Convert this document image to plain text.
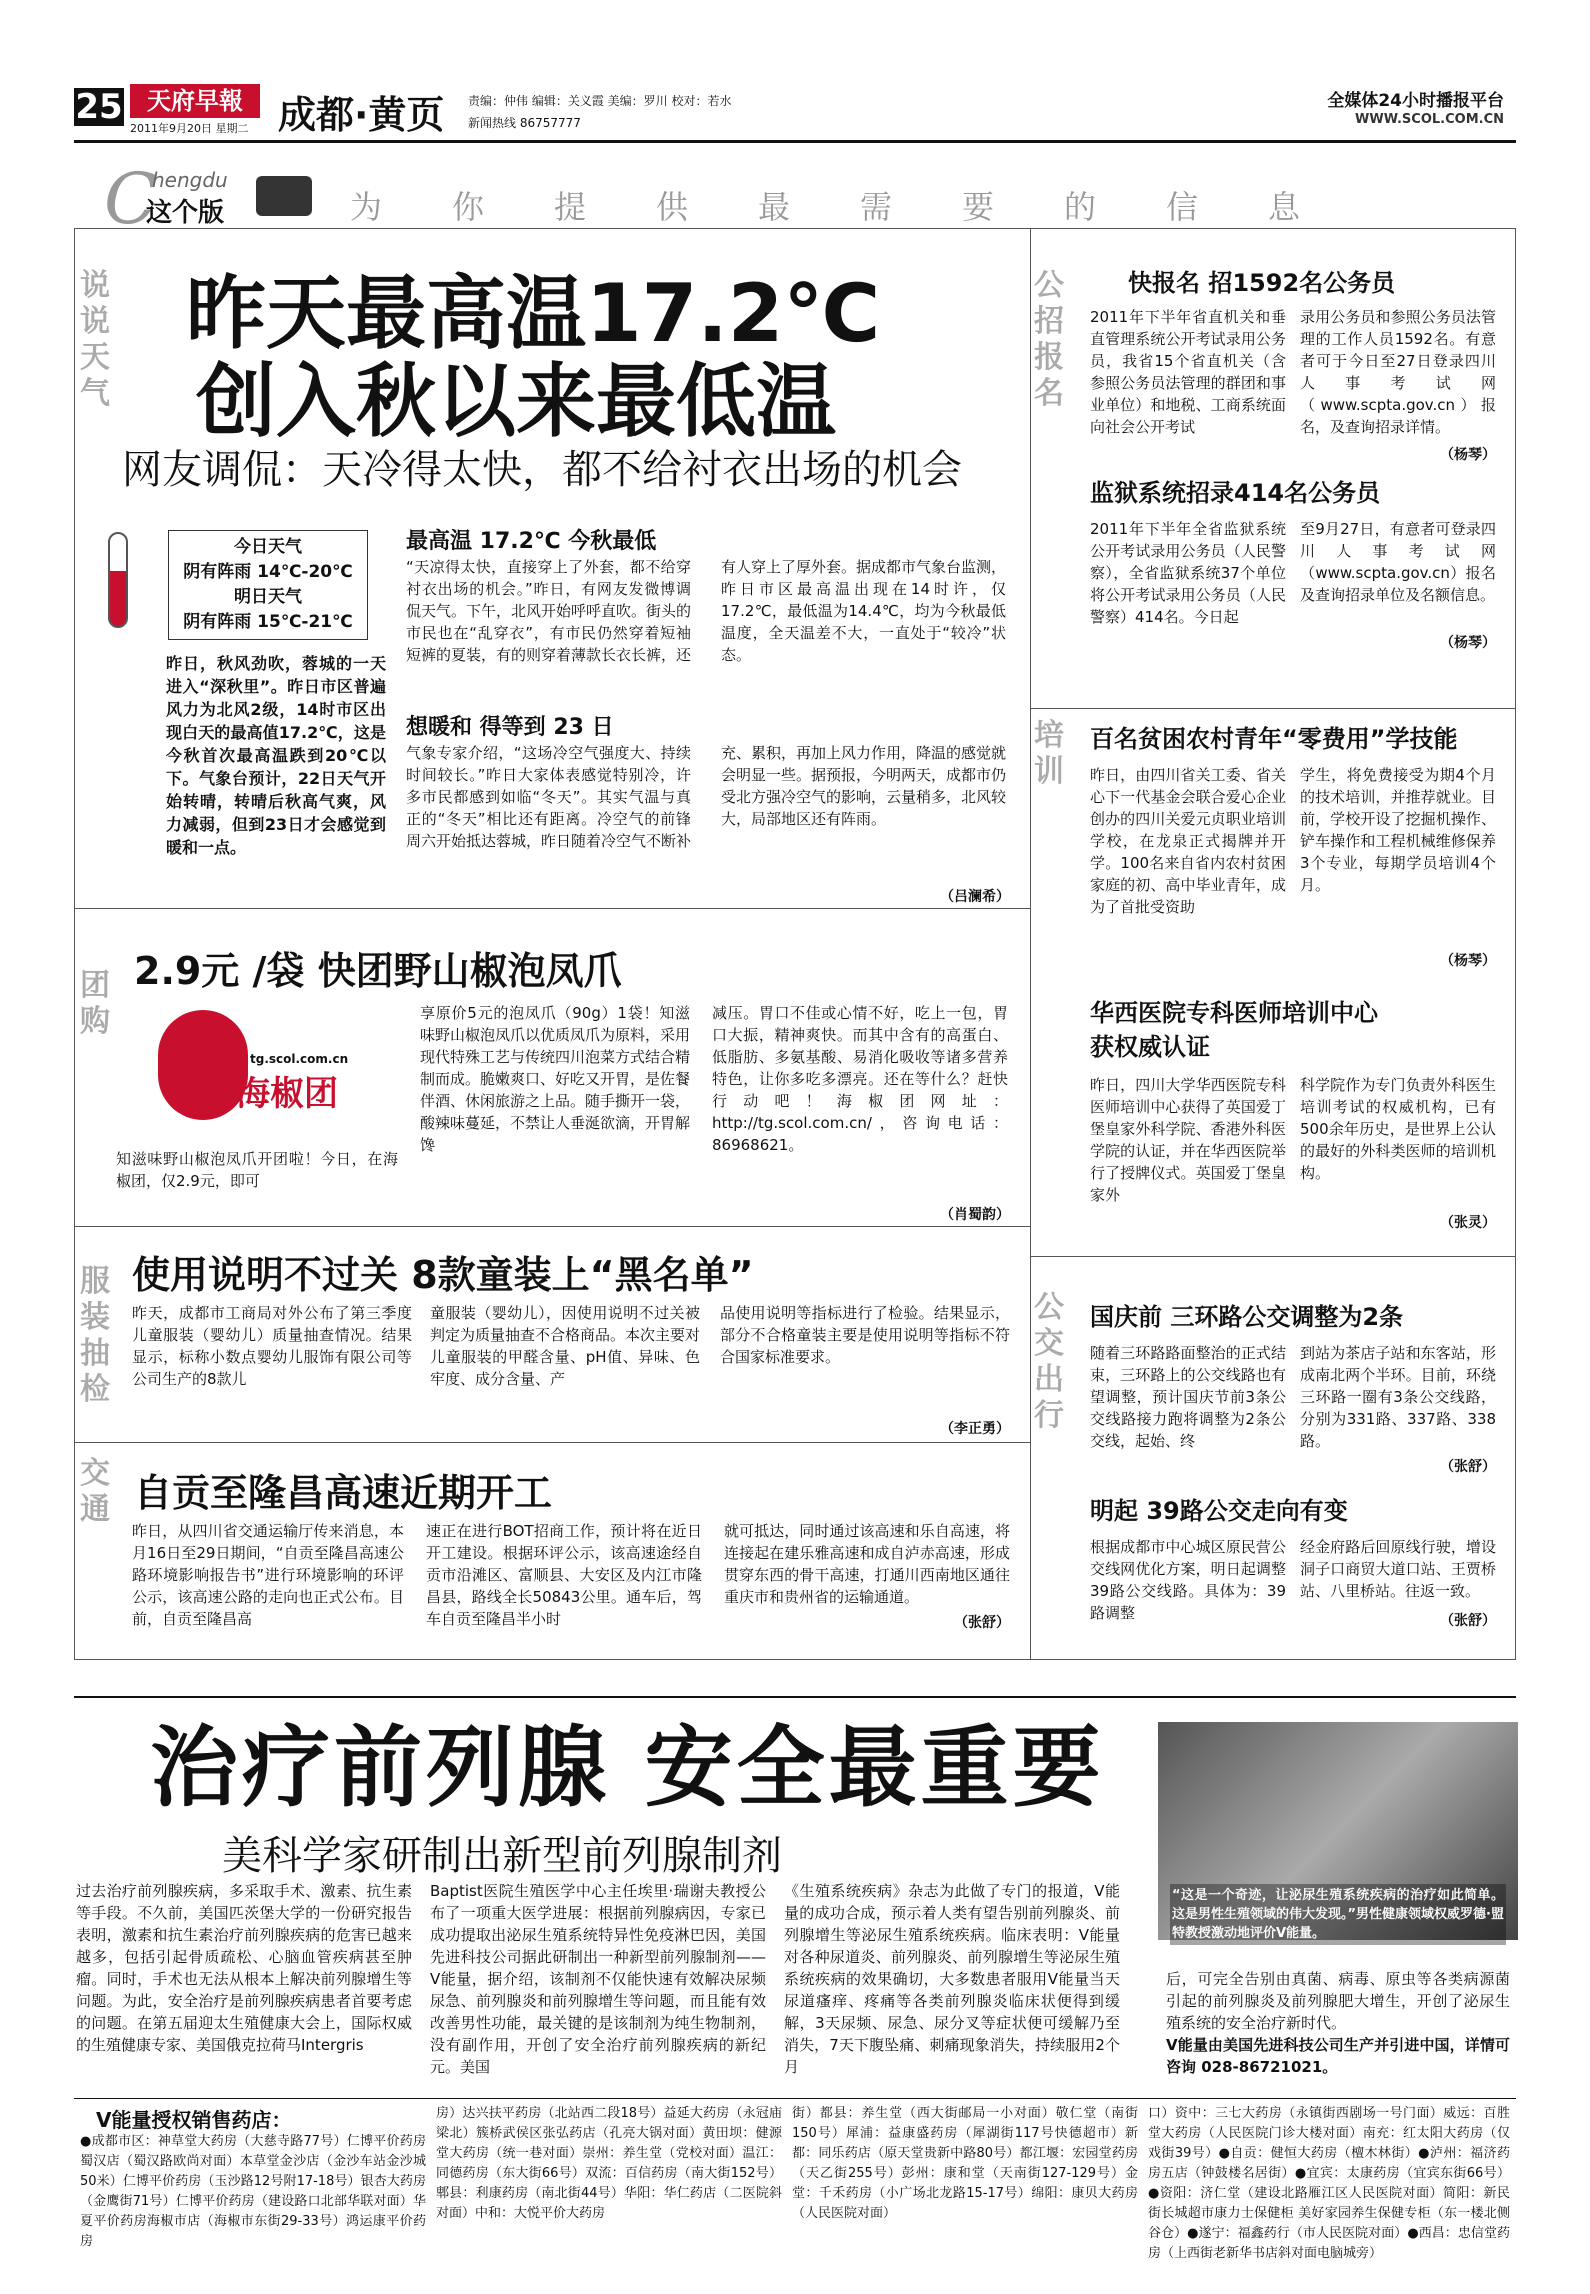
25	天府早報
2011年9月20日 星期二 成都·黄页 责编：仲伟 编辑：关义霞 美编：罗川 校对：若水
新闻热线 86757777
全媒体24小时播报平台
WWW.SCOL.COM.CN
C
hengdu
这个版	为你提供最需要的信息
说说天气
团购
服装抽检
交通
公招报名
培训
公交出行
昨天最高温17.2℃
创入秋以来最低温
网友调侃：天冷得太快，都不给衬衣出场的机会
今日天气
阴有阵雨 14℃-20℃
明日天气
阴有阵雨 15℃-21℃
昨日，秋风劲吹，蓉城的一天进入“深秋里”。昨日市区普遍风力为北风2级，14时市区出现白天的最高值17.2℃，这是今秋首次最高温跌到20℃以下。气象台预计，22日天气开始转晴，转晴后秋高气爽，风力减弱，但到23日才会感觉到暖和一点。
最高温 17.2℃ 今秋最低
“天凉得太快，直接穿上了外套，都不给穿衬衣出场的机会。”昨日，有网友发微博调侃天气。下午，北风开始呼呼直吹。街头的市民也在“乱穿衣”，有市民仍然穿着短袖短裤的夏装，有的则穿着薄款长衣长裤，还有人穿上了厚外套。据成都市气象台监测，昨日市区最高温出现在14时许，仅17.2℃，最低温为14.4℃，均为今秋最低温度，全天温差不大，一直处于“较冷”状态。
想暖和 得等到 23 日
气象专家介绍，“这场冷空气强度大、持续时间较长。”昨日大家体表感觉特别冷，许多市民都感到如临“冬天”。其实气温与真正的“冬天”相比还有距离。冷空气的前锋周六开始抵达蓉城，昨日随着冷空气不断补充、累积，再加上风力作用，降温的感觉就会明显一些。据预报，今明两天，成都市仍受北方强冷空气的影响，云量稍多，北风较大，局部地区还有阵雨。
（吕澜希）
2.9元 /袋 快团野山椒泡凤爪
tg.scol.com.cn
海椒团
知滋味野山椒泡凤爪开团啦！今日，在海椒团，仅2.9元，即可
享原价5元的泡凤爪（90g）1袋！知滋味野山椒泡凤爪以优质凤爪为原料，采用现代特殊工艺与传统四川泡菜方式结合精制而成。脆嫩爽口、好吃又开胃，是佐餐伴酒、休闲旅游之上品。随手撕开一袋，酸辣味蔓延，不禁让人垂涎欲滴，开胃解馋
减压。胃口不佳或心情不好，吃上一包，胃口大振，精神爽快。而其中含有的高蛋白、低脂肪、多氨基酸、易消化吸收等诸多营养特色，让你多吃多漂亮。还在等什么？赶快行动吧！海椒团网址：http://tg.scol.com.cn/，咨询电话：86968621。
（肖蜀韵）
使用说明不过关 8款童装上“黑名单”
昨天，成都市工商局对外公布了第三季度儿童服装（婴幼儿）质量抽查情况。结果显示，标称小数点婴幼儿服饰有限公司等公司生产的8款儿
童服装（婴幼儿），因使用说明不过关被判定为质量抽查不合格商品。本次主要对儿童服装的甲醛含量、pH值、异味、色牢度、成分含量、产
品使用说明等指标进行了检验。结果显示，部分不合格童装主要是使用说明等指标不符合国家标准要求。
（李正勇）
自贡至隆昌高速近期开工
昨日，从四川省交通运输厅传来消息，本月16日至29日期间，“自贡至隆昌高速公路环境影响报告书”进行环境影响的环评公示，该高速公路的走向也正式公布。目前，自贡至隆昌高
速正在进行BOT招商工作，预计将在近日开工建设。根据环评公示，该高速途经自贡市沿滩区、富顺县、大安区及内江市隆昌县，路线全长50843公里。通车后，驾车自贡至隆昌半小时
就可抵达，同时通过该高速和乐自高速，将连接起在建乐雅高速和成自泸赤高速，形成贯穿东西的骨干高速，打通川西南地区通往重庆市和贵州省的运输通道。
（张舒）
快报名 招1592名公务员
2011年下半年省直机关和垂直管理系统公开考试录用公务员，我省15个省直机关（含参照公务员法管理的群团和事业单位）和地税、工商系统面向社会公开考试
录用公务员和参照公务员法管理的工作人员1592名。有意者可于今日至27日登录四川人事考试网（www.scpta.gov.cn）报名，及查询招录详情。
（杨琴）
监狱系统招录414名公务员
2011年下半年全省监狱系统公开考试录用公务员（人民警察），全省监狱系统37个单位将公开考试录用公务员（人民警察）414名。今日起
至9月27日，有意者可登录四川人事考试网（www.scpta.gov.cn）报名及查询招录单位及名额信息。
（杨琴）
百名贫困农村青年“零费用”学技能
昨日，由四川省关工委、省关心下一代基金会联合爱心企业创办的四川关爱元贞职业培训学校，在龙泉正式揭牌并开学。100名来自省内农村贫困家庭的初、高中毕业青年，成为了首批受资助
学生，将免费接受为期4个月的技术培训，并推荐就业。目前，学校开设了挖掘机操作、铲车操作和工程机械维修保养3个专业，每期学员培训4个月。
（杨琴）
华西医院专科医师培训中心
获权威认证
昨日，四川大学华西医院专科医师培训中心获得了英国爱丁堡皇家外科学院、香港外科医学院的认证，并在华西医院举行了授牌仪式。英国爱丁堡皇家外
科学院作为专门负责外科医生培训考试的权威机构，已有500余年历史，是世界上公认的最好的外科类医师的培训机构。
（张灵）
国庆前 三环路公交调整为2条
随着三环路路面整治的正式结束，三环路上的公交线路也有望调整，预计国庆节前3条公交线路接力跑将调整为2条公交线，起始、终
到站为茶店子站和东客站，形成南北两个半环。目前，环绕三环路一圈有3条公交线路，分别为331路、337路、338路。
（张舒）
明起 39路公交走向有变
根据成都市中心城区原民营公交线网优化方案，明日起调整39路公交线路。具体为：39路调整
经金府路后回原线行驶，增设洞子口商贸大道口站、王贾桥站、八里桥站。往返一致。
（张舒）
治疗前列腺 安全最重要
美科学家研制出新型前列腺制剂
“这是一个奇迹，让泌尿生殖系统疾病的治疗如此简单。这是男性生殖领域的伟大发现。”男性健康领域权威罗德·盟特教授激动地评价V能量。
过去治疗前列腺疾病，多采取手术、激素、抗生素等手段。不久前，美国匹茨堡大学的一份研究报告表明，激素和抗生素治疗前列腺疾病的危害已越来越多，包括引起骨质疏松、心脑血管疾病甚至肿瘤。同时，手术也无法从根本上解决前列腺增生等问题。为此，安全治疗是前列腺疾病患者首要考虑的问题。在第五届迎太生殖健康大会上，国际权威的生殖健康专家、美国俄克拉荷马Intergris
Baptist医院生殖医学中心主任埃里·瑞谢夫教授公布了一项重大医学进展：根据前列腺病因，专家已成功提取出泌尿生殖系统特异性免疫淋巴因，美国先进科技公司据此研制出一种新型前列腺制剂——V能量，据介绍，该制剂不仅能快速有效解决尿频尿急、前列腺炎和前列腺增生等问题，而且能有效改善男性功能，最关键的是该制剂为纯生物制剂，没有副作用，开创了安全治疗前列腺疾病的新纪元。美国
《生殖系统疾病》杂志为此做了专门的报道，V能量的成功合成，预示着人类有望告别前列腺炎、前列腺增生等泌尿生殖系统疾病。临床表明：V能量对各种尿道炎、前列腺炎、前列腺增生等泌尿生殖系统疾病的效果确切，大多数患者服用V能量当天尿道瘙痒、疼痛等各类前列腺炎临床状便得到缓解，3天尿频、尿急、尿分叉等症状便可缓解乃至消失，7天下腹坠痛、刺痛现象消失，持续服用2个月
后，可完全告别由真菌、病毒、原虫等各类病源菌引起的前列腺炎及前列腺肥大增生，开创了泌尿生殖系统的安全治疗新时代。
V能量由美国先进科技公司生产并引进中国，详情可咨询 028-86721021。
V能量授权销售药店：
●成都市区：神草堂大药房（大慈寺路77号）仁博平价药房蜀汉店（蜀汉路欧尚对面）本草堂金沙店（金沙车站金沙城50米）仁博平价药房（玉沙路12号附17-18号）银杏大药房（金鹰街71号）仁博平价药房（建设路口北部华联对面）华夏平价药房海椒市店（海椒市东街29-33号）鸿运康平价药房
房）达兴扶平药房（北站西二段18号）益延大药房（永冠庙梁北）簇桥武侯区张弘药店（孔亮大锅对面）黄田坝：健源堂大药房（统一巷对面）崇州：养生堂（党校对面）温江：同德药房（东大街66号）双流：百信药房（南大街152号）郫县：利康药房（南北街44号）华阳：华仁药店（二医院斜对面）中和：大悦平价大药房
街）都县：养生堂（西大街邮局一小对面）敬仁堂（南街150号）犀浦：益康盛药房（犀湖街117号快德超市）新都：同乐药店（原天堂贵新中路80号）都江堰：宏园堂药房（天乙街255号）彭州：康和堂（天南街127-129号）金堂：千禾药房（小广场北龙路15-17号）绵阳：康贝大药房（人民医院对面）
口）资中：三七大药房（永镇街西剧场一号门面）威远：百胜堂大药房（人民医院门诊大楼对面）南充：红太阳大药房（仅戏街39号）●自贡：健恒大药房（檀木林街）●泸州：福济药房五店（钟鼓楼名居街）●宜宾：太康药房（宜宾东街66号）●资阳：济仁堂（建设北路雁江区人民医院对面）简阳：新民街长城超市康力士保健柜 美好家园养生保健专柜（东一楼北侧谷仓）●遂宁：福鑫药行（市人民医院对面）●西昌：忠信堂药房（上西街老新华书店斜对面电脑城旁）
